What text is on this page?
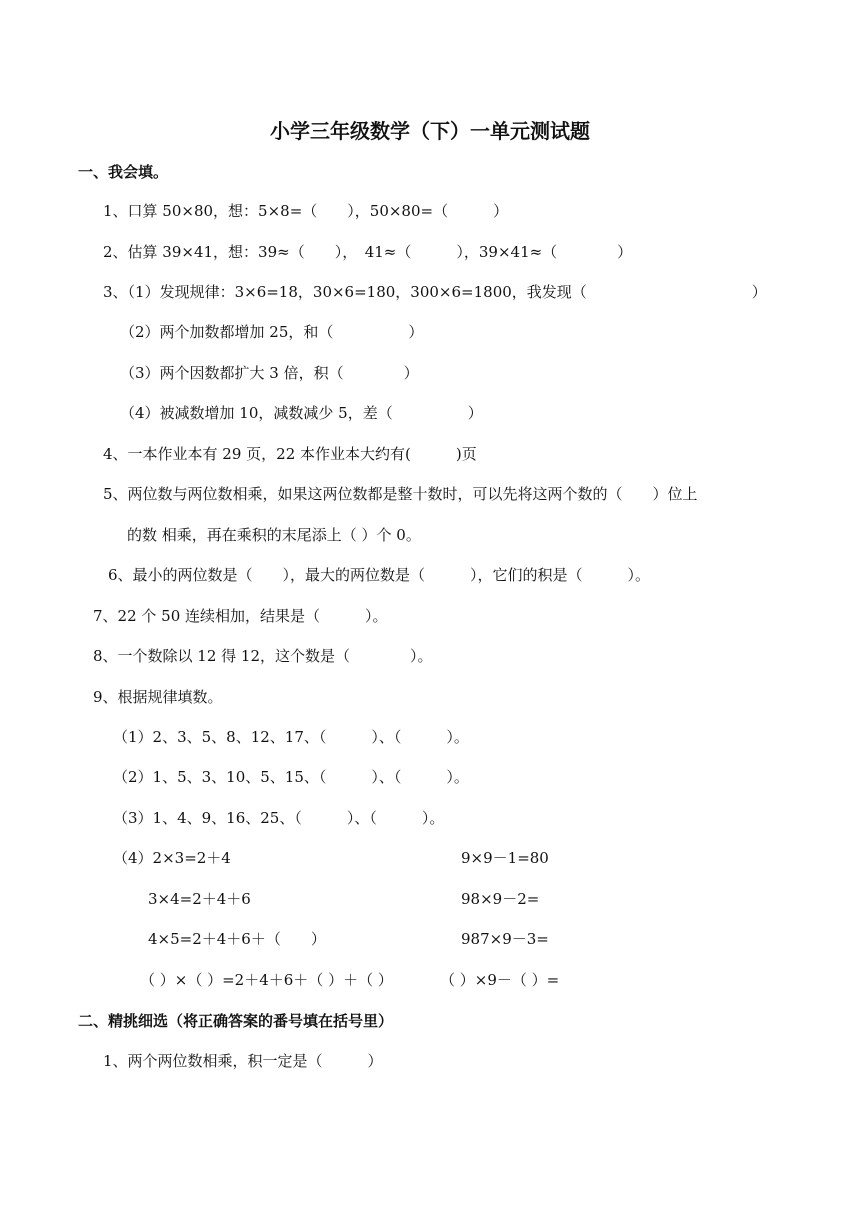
小学三年级数学（下）一单元测试题
一、我会填。
1、口算 50×80，想：5×8=（　　），50×80=（　　　）
2、估算 39×41，想：39≈（　　），　41≈（　　　），39×41≈（　　　　）
3、（1）发现规律：3×6=18，30×6=180，300×6=1800，我发现（　　　　　　　　　　　）
（2）两个加数都增加 25，和（　　　　　）
（3）两个因数都扩大 3 倍，积（　　　　）
（4）被减数增加 10，减数减少 5，差（　　　　　）
4、一本作业本有 29 页，22 本作业本大约有(　　　)页
5、两位数与两位数相乘，如果这两位数都是整十数时，可以先将这两个数的（　　）位上
的数 相乘，再在乘积的末尾添上（ ）个 0。
6、最小的两位数是（　　），最大的两位数是（　　　），它们的积是（　　　）。
7、22 个 50 连续相加，结果是（　　　）。
8、一个数除以 12 得 12，这个数是（　　　　）。
9、根据规律填数。
（1）2、3、5、8、12、17、（　　　）、（　　　）。
（2）1、5、3、10、5、15、（　　　）、（　　　）。
（3）1、4、9、16、25、（　　　）、（　　　）。
（4）2×3=2＋4
3×4=2＋4＋6
4×5=2＋4＋6＋（　　）
（ ）×（ ）=2＋4＋6＋（ ）＋（ ）
9×9－1=80
98×9－2=
987×9－3=
（ ）×9－（ ）=
二、精挑细选（将正确答案的番号填在括号里）
1、两个两位数相乘，积一定是（　　　）
